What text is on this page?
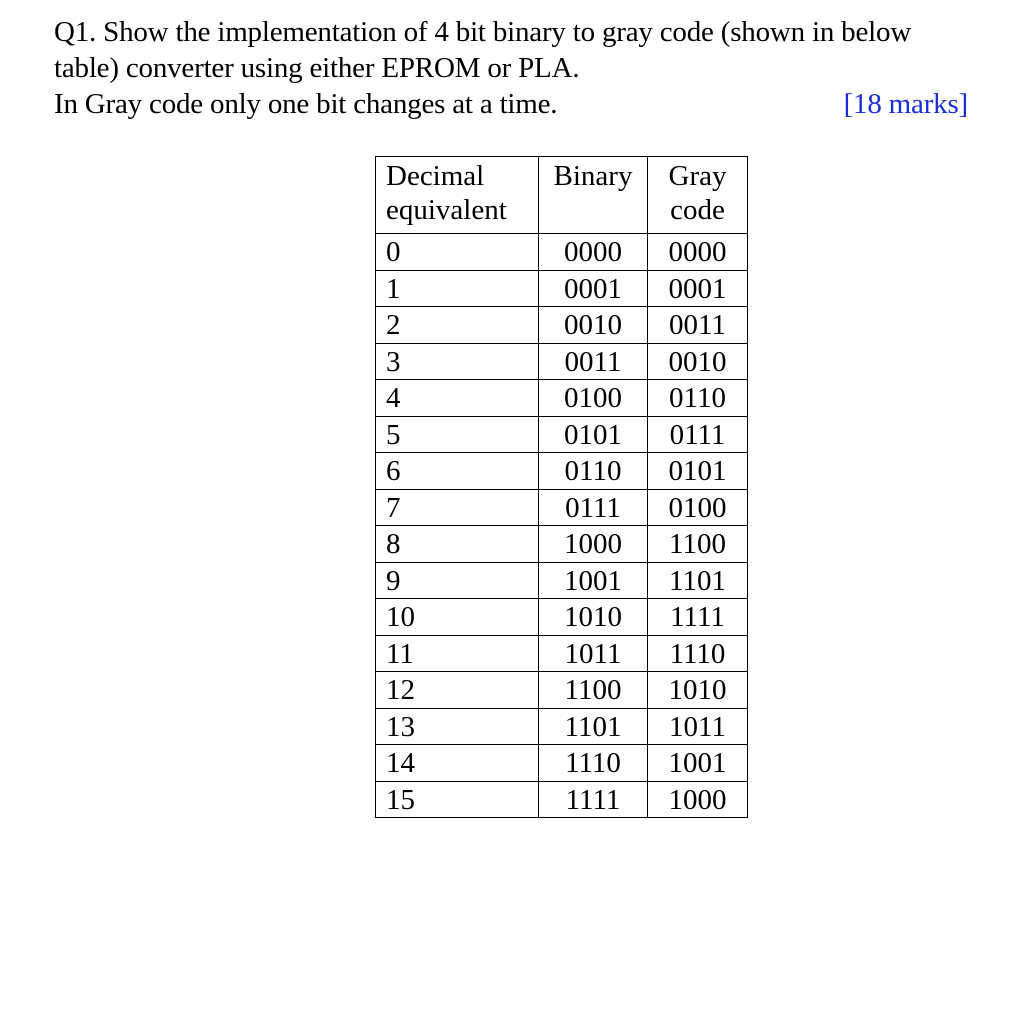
Q1. Show the implementation of 4 bit binary to gray code (shown in below
table) converter using either EPROM or PLA.
In Gray code only one bit changes at a time.	[18 marks]
Decimal
equivalent	Binary	Gray
code

0	0000	0000
1	0001	0001
2	0010	0011
3	0011	0010
4	0100	0110
5	0101	0111
6	0110	0101
7	0111	0100
8	1000	1100
9	1001	1101
10	1010	1111
11	1011	1110
12	1100	1010
13	1101	1011
14	1110	1001
15	1111	1000
